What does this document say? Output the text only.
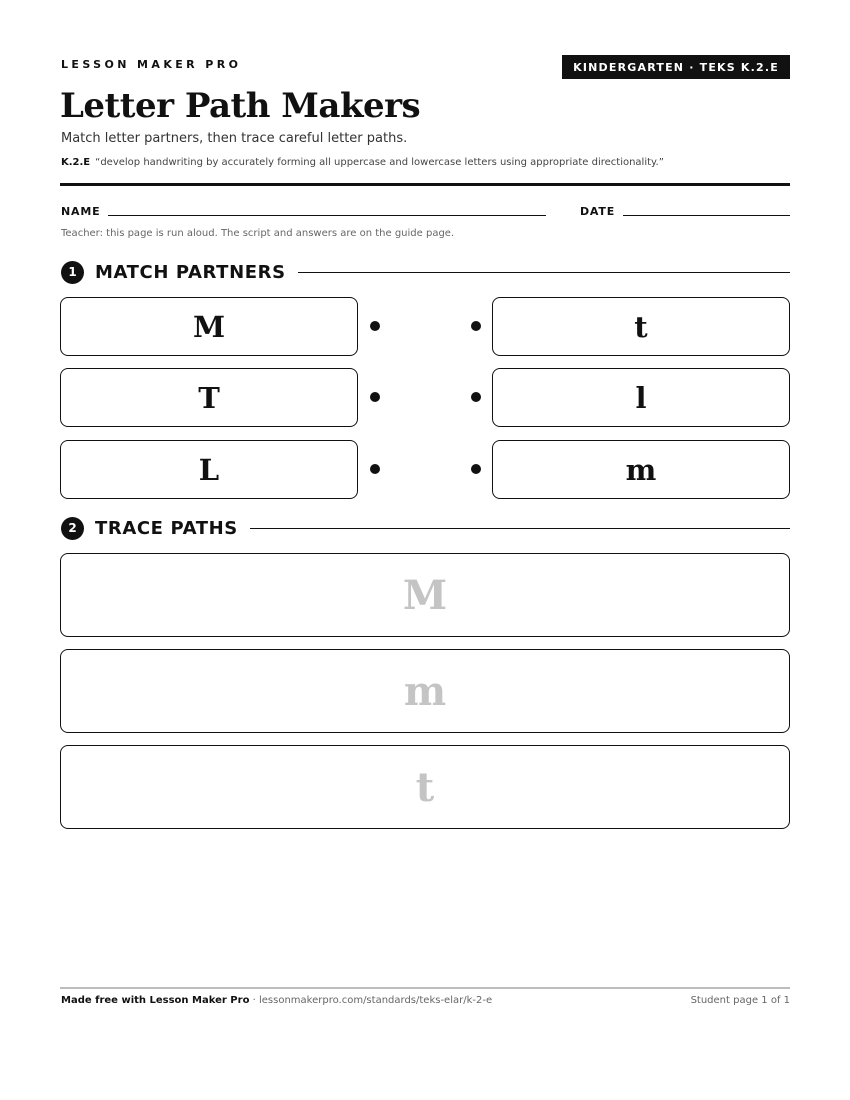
LESSON MAKER PRO	KINDERGARTEN · TEKS K.2.E
Letter Path Makers
Match letter partners, then trace careful letter paths.
K.2.E “develop handwriting by accurately forming all uppercase and lowercase letters using appropriate directionality.”
NAME	DATE
Teacher: this page is run aloud. The script and answers are on the guide page.
1	MATCH PARTNERS
M	t
T	l
L	m
2	TRACE PATHS
M
m
t
Made free with Lesson Maker Pro · lessonmakerpro.com/standards/teks-elar/k-2-e	Student page 1 of 1
